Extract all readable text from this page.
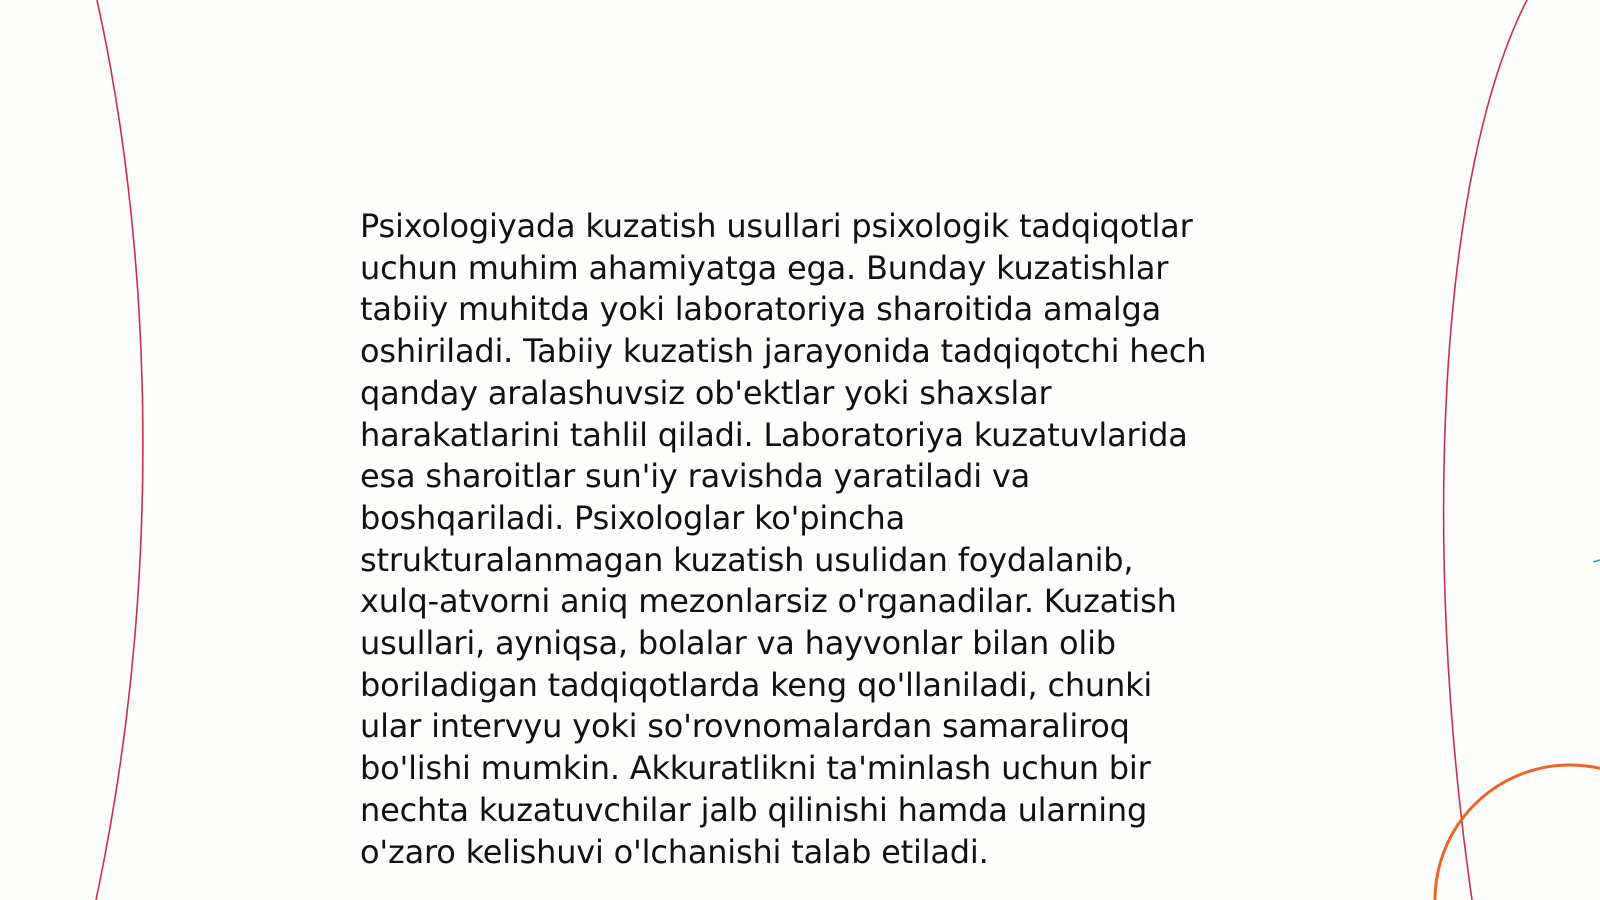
Psixologiyada kuzatish usullari psixologik tadqiqotlar
uchun muhim ahamiyatga ega. Bunday kuzatishlar
tabiiy muhitda yoki laboratoriya sharoitida amalga
oshiriladi. Tabiiy kuzatish jarayonida tadqiqotchi hech
qanday aralashuvsiz ob'ektlar yoki shaxslar
harakatlarini tahlil qiladi. Laboratoriya kuzatuvlarida
esa sharoitlar sun'iy ravishda yaratiladi va
boshqariladi. Psixologlar ko'pincha
strukturalanmagan kuzatish usulidan foydalanib,
xulq-atvorni aniq mezonlarsiz o'rganadilar. Kuzatish
usullari, ayniqsa, bolalar va hayvonlar bilan olib
boriladigan tadqiqotlarda keng qo'llaniladi, chunki
ular intervyu yoki so'rovnomalardan samaraliroq
bo'lishi mumkin. Akkuratlikni ta'minlash uchun bir
nechta kuzatuvchilar jalb qilinishi hamda ularning
o'zaro kelishuvi o'lchanishi talab etiladi.
